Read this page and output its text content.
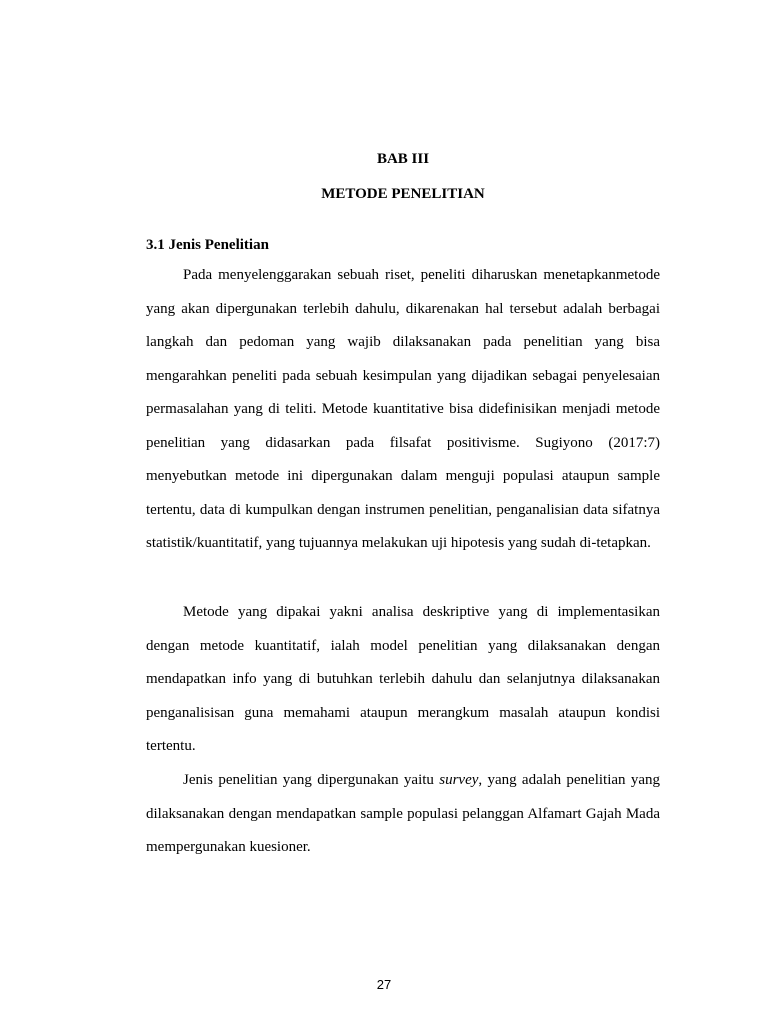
BAB III
METODE PENELITIAN
3.1 Jenis Penelitian

Pada menyelenggarakan sebuah riset, peneliti diharuskan menetapkanmetode yang akan dipergunakan terlebih dahulu, dikarenakan hal tersebut adalah berbagai langkah dan pedoman yang wajib dilaksanakan pada penelitian yang bisa mengarahkan peneliti pada sebuah kesimpulan yang dijadikan sebagai penyelesaian permasalahan yang di teliti. Metode kuantitative bisa didefinisikan menjadi metode penelitian yang didasarkan pada filsafat positivisme. Sugiyono (2017:7) menyebutkan metode ini dipergunakan dalam menguji populasi ataupun sample tertentu, data di kumpulkan dengan instrumen penelitian, penganalisian data sifatnya statistik/kuantitatif, yang tujuannya melakukan uji hipotesis yang sudah di-tetapkan.

Metode yang dipakai yakni analisa deskriptive yang di implementasikan dengan metode kuantitatif, ialah model penelitian yang dilaksanakan dengan mendapatkan info yang di butuhkan terlebih dahulu dan selanjutnya dilaksanakan penganalisisan guna memahami ataupun merangkum masalah ataupun kondisi tertentu.

Jenis penelitian yang dipergunakan yaitu survey, yang adalah penelitian yang dilaksanakan dengan mendapatkan sample populasi pelanggan Alfamart Gajah Mada mempergunakan kuesioner.

27
